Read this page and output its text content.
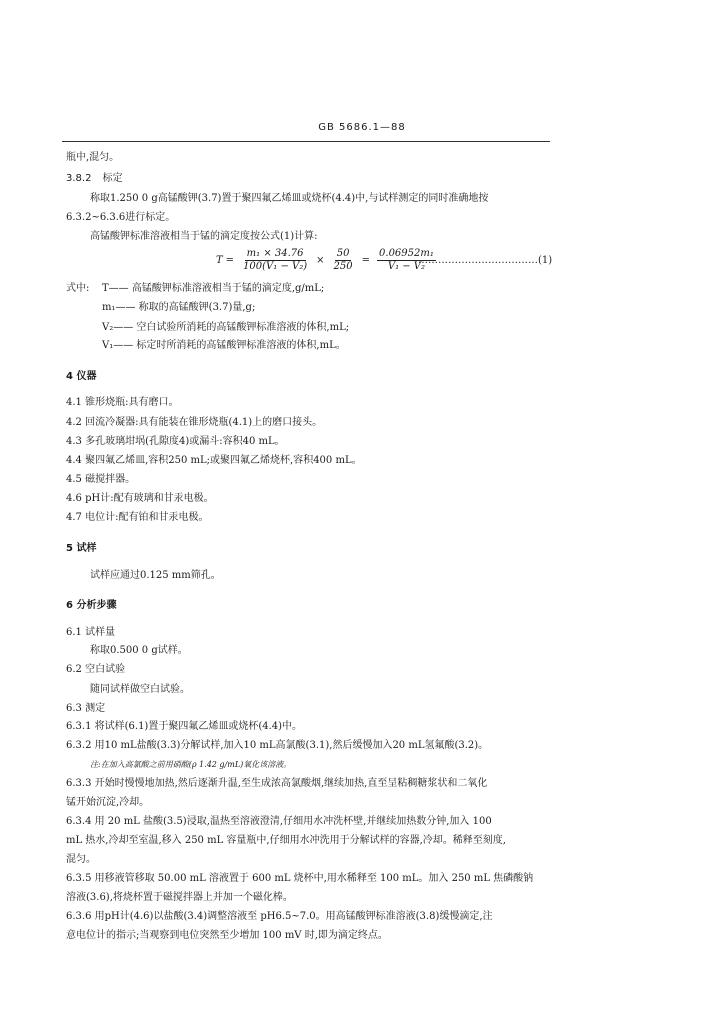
GB 5686.1—88
瓶中,混匀。
3.8.2 标定
称取1.250 0 g高锰酸钾(3.7)置于聚四氟乙烯皿或烧杯(4.4)中,与试样测定的同时准确地按
6.3.2~6.3.6进行标定。
高锰酸钾标准溶液相当于锰的滴定度按公式(1)计算:
$T = \frac{\text{m₁ × 34.76}}{\text{100(V₁ − V₂)}} \times \frac{50}{250} = \frac{\text{0.06952m₁}}{\text{V₁ − V₂}}$
………………………………(1)
式中: T—— 高锰酸钾标准溶液相当于锰的滴定度,g/mL;
m₁—— 称取的高锰酸钾(3.7)量,g;
V₂—— 空白试验所消耗的高锰酸钾标准溶液的体积,mL;
V₁—— 标定时所消耗的高锰酸钾标准溶液的体积,mL。
4 仪器
4.1 锥形烧瓶:具有磨口。
4.2 回流冷凝器:具有能装在锥形烧瓶(4.1)上的磨口接头。
4.3 多孔玻璃坩埚(孔隙度4)或漏斗:容积40 mL。
4.4 聚四氟乙烯皿,容积250 mL;或聚四氟乙烯烧杯,容积400 mL。
4.5 磁搅拌器。
4.6 pH计:配有玻璃和甘汞电极。
4.7 电位计:配有铂和甘汞电极。
5 试样
试样应通过0.125 mm筛孔。
6 分析步骤
6.1 试样量
称取0.500 0 g试样。
6.2 空白试验
随同试样做空白试验。
6.3 测定
6.3.1 将试样(6.1)置于聚四氟乙烯皿或烧杯(4.4)中。
6.3.2 用10 mL盐酸(3.3)分解试样,加入10 mL高氯酸(3.1),然后缓慢加入20 mL氢氟酸(3.2)。
注:在加入高氯酸之前用硝酸(ρ 1.42 g/mL)氧化该溶液。
6.3.3 开始时慢慢地加热,然后逐渐升温,至生成浓高氯酸烟,继续加热,直至呈粘稠糖浆状和二氧化
锰开始沉淀,冷却。
6.3.4 用 20 mL 盐酸(3.5)浸取,温热至溶液澄清,仔细用水冲洗杯壁,并继续加热数分钟,加入 100
mL 热水,冷却至室温,移入 250 mL 容量瓶中,仔细用水冲洗用于分解试样的容器,冷却。稀释至刻度,
混匀。
6.3.5 用移液管移取 50.00 mL 溶液置于 600 mL 烧杯中,用水稀释至 100 mL。加入 250 mL 焦磷酸钠
溶液(3.6),将烧杯置于磁搅拌器上并加一个磁化棒。
6.3.6 用pH计(4.6)以盐酸(3.4)调整溶液至 pH6.5~7.0。用高锰酸钾标准溶液(3.8)缓慢滴定,注
意电位计的指示;当观察到电位突然至少增加 100 mV 时,即为滴定终点。
